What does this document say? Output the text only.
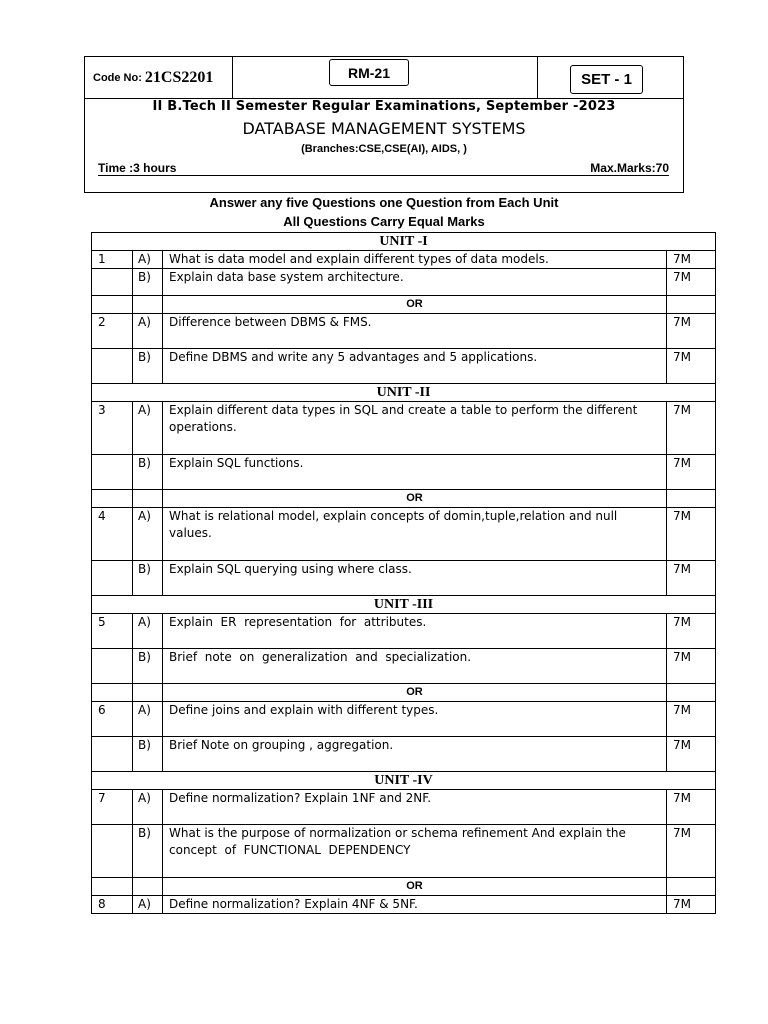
Code No: 21CS2201	RM-21	SET - 1
II B.Tech II Semester Regular Examinations, September -2023
DATABASE MANAGEMENT SYSTEMS
(Branches:CSE,CSE(AI), AIDS, )
Time :3 hours	Max.Marks:70
Answer any five Questions one Question from Each Unit
All Questions Carry Equal Marks
UNIT -I			
1	A)	What is data model and explain different types of data models.	7M
	B)	Explain data base system architecture.	7M
		OR	
2	A)	Difference between DBMS & FMS.	7M
	B)	Define DBMS and write any 5 advantages and 5 applications.	7M
UNIT -II			
3	A)	Explain different data types in SQL and create a table to perform the different operations.	7M
	B)	Explain SQL functions.	7M
		OR	
4	A)	What is relational model, explain concepts of domin,tuple,relation and null values.	7M
	B)	Explain SQL querying using where class.	7M
UNIT -III			
5	A)	Explain  ER  representation  for  attributes.	7M
	B)	Brief  note  on  generalization  and  specialization.	7M
		OR	
6	A)	Define joins and explain with different types.	7M
	B)	Brief Note on grouping , aggregation.	7M
UNIT -IV			
7	A)	Define normalization? Explain 1NF and 2NF.	7M
	B)	What is the purpose of normalization or schema refinement And explain the  concept  of  FUNCTIONAL  DEPENDENCY	7M
		OR	
8	A)	Define normalization? Explain 4NF & 5NF.	7M
